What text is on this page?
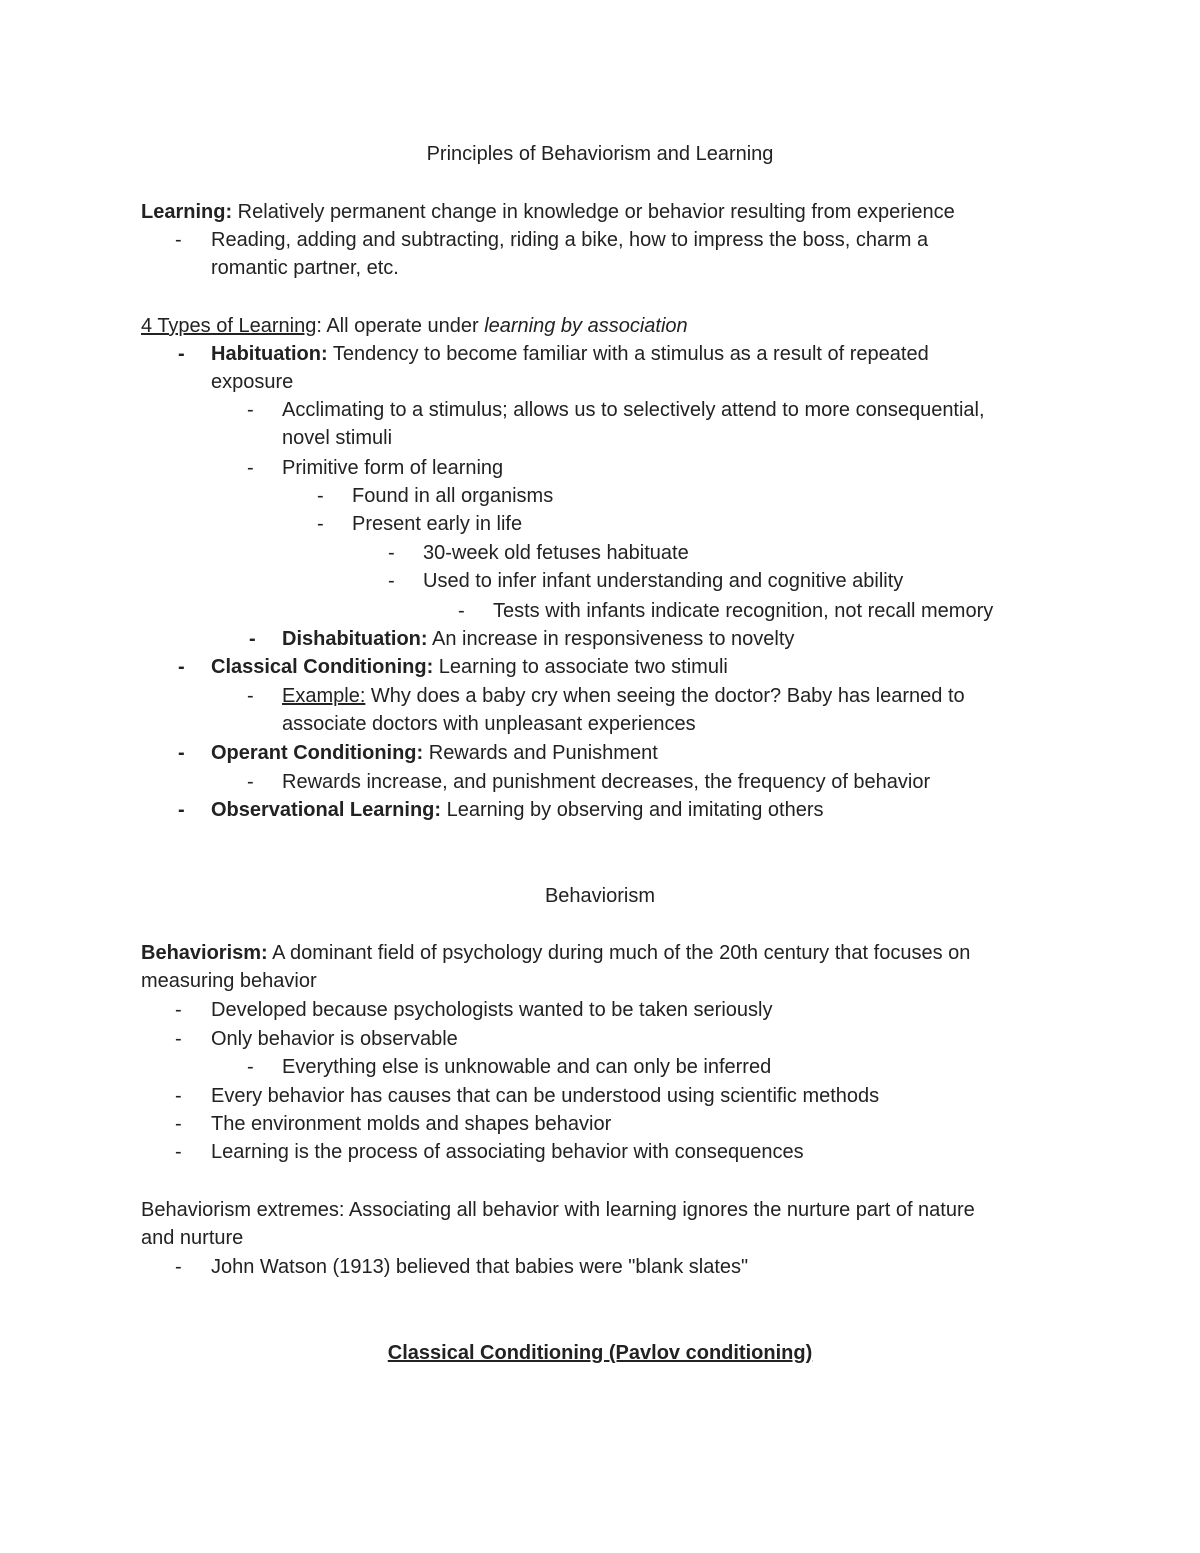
Principles of Behaviorism and Learning
Learning: Relatively permanent change in knowledge or behavior resulting from experience
- Reading, adding and subtracting, riding a bike, how to impress the boss, charm a
romantic partner, etc.
4 Types of Learning: All operate under learning by association
- Habituation: Tendency to become familiar with a stimulus as a result of repeated
exposure
- Acclimating to a stimulus; allows us to selectively attend to more consequential,
novel stimuli
- Primitive form of learning
- Found in all organisms
- Present early in life
- 30-week old fetuses habituate
- Used to infer infant understanding and cognitive ability
- Tests with infants indicate recognition, not recall memory
- Dishabituation: An increase in responsiveness to novelty
- Classical Conditioning: Learning to associate two stimuli
- Example: Why does a baby cry when seeing the doctor? Baby has learned to
associate doctors with unpleasant experiences
- Operant Conditioning: Rewards and Punishment
- Rewards increase, and punishment decreases, the frequency of behavior
- Observational Learning: Learning by observing and imitating others
Behaviorism
Behaviorism: A dominant field of psychology during much of the 20th century that focuses on
measuring behavior
- Developed because psychologists wanted to be taken seriously
- Only behavior is observable
- Everything else is unknowable and can only be inferred
- Every behavior has causes that can be understood using scientific methods
- The environment molds and shapes behavior
- Learning is the process of associating behavior with consequences
Behaviorism extremes: Associating all behavior with learning ignores the nurture part of nature
and nurture
- John Watson (1913) believed that babies were "blank slates"
Classical Conditioning (Pavlov conditioning)
